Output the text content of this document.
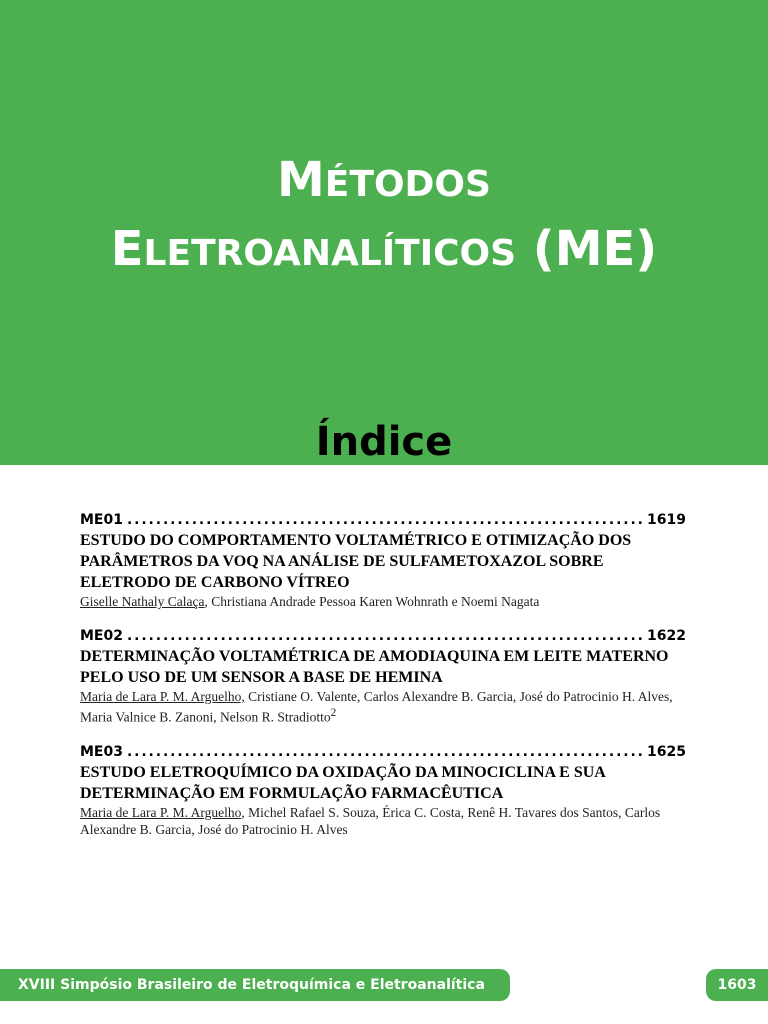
MÉTODOS
ELETROANALÍTICOS (ME)
Índice
ME01 . . .	1619
ESTUDO DO COMPORTAMENTO VOLTAMÉTRICO E OTIMIZAÇÃO DOS PARÂMETROS DA VOQ NA ANÁLISE DE SULFAMETOXAZOL SOBRE ELETRODO DE CARBONO VÍTREO
Giselle Nathaly Calaça, Christiana Andrade Pessoa Karen Wohnrath e Noemi Nagata
ME02 . . .	1622
DETERMINAÇÃO VOLTAMÉTRICA DE AMODIAQUINA EM LEITE MATERNO PELO USO DE UM SENSOR A BASE DE HEMINA
Maria de Lara P. M. Arguelho, Cristiane O. Valente, Carlos Alexandre B. Garcia, José do Patrocinio H. Alves, Maria Valnice B. Zanoni, Nelson R. Stradiotto$^2$
ME03 . . .	1625
ESTUDO ELETROQUÍMICO DA OXIDAÇÃO DA MINOCICLINA E SUA DETERMINAÇÃO EM FORMULAÇÃO FARMACÊUTICA
Maria de Lara P. M. Arguelho, Michel Rafael S. Souza, Érica C. Costa, Renê H. Tavares dos Santos, Carlos Alexandre B. Garcia, José do Patrocinio H. Alves
XVIII Simpósio Brasileiro de Eletroquímica e Eletroanalítica	1603
